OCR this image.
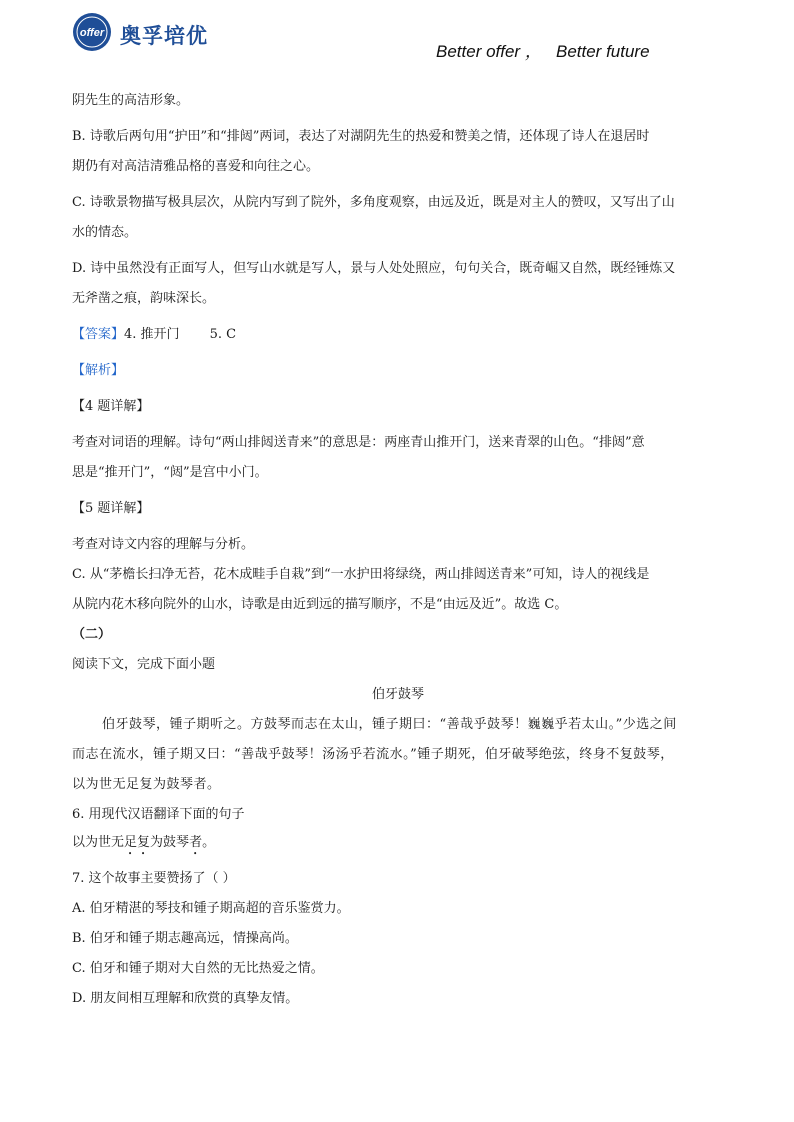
offer 奥孚培优
Better offer ，   Better future

阴先生的高洁形象。

B. 诗歌后两句用“护田”和“排闼”两词，表达了对湖阴先生的热爱和赞美之情，还体现了诗人在退居时

期仍有对高洁清雅品格的喜爱和向往之心。

C. 诗歌景物描写极具层次，从院内写到了院外，多角度观察，由远及近，既是对主人的赞叹，又写出了山

水的情态。

D. 诗中虽然没有正面写人，但写山水就是写人，景与人处处照应，句句关合，既奇崛又自然，既经锤炼又

无斧凿之痕，韵味深长。

【答案】4. 推开门 5. C

【解析】

【4 题详解】

考查对词语的理解。诗句“两山排闼送青来”的意思是：两座青山推开门，送来青翠的山色。“排闼”意

思是“推开门”，“闼”是宫中小门。

【5 题详解】

考查对诗文内容的理解与分析。

C. 从“茅檐长扫净无苔，花木成畦手自栽”到“一水护田将绿绕，两山排闼送青来”可知，诗人的视线是

从院内花木移向院外的山水，诗歌是由近到远的描写顺序，不是“由远及近”。故选 C。

（二）

阅读下文，完成下面小题

伯牙鼓琴

伯牙鼓琴，锺子期听之。方鼓琴而志在太山，锺子期曰：“善哉乎鼓琴！巍巍乎若太山。”少选之间

而志在流水，锺子期又曰：“善哉乎鼓琴！汤汤乎若流水。”锺子期死，伯牙破琴绝弦，终身不复鼓琴，

以为世无足复为鼓琴者。

6. 用现代汉语翻译下面的句子

以为世无足复为鼓琴者。

7. 这个故事主要赞扬了（ ）

A. 伯牙精湛的琴技和锺子期高超的音乐鉴赏力。

B. 伯牙和锺子期志趣高远，情操高尚。

C. 伯牙和锺子期对大自然的无比热爱之情。

D. 朋友间相互理解和欣赏的真挚友情。
